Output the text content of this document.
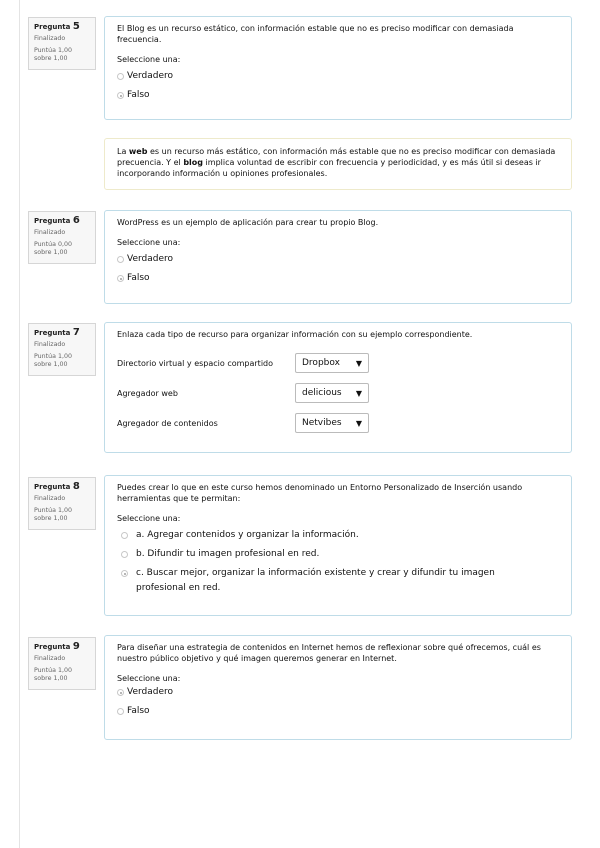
Pregunta 5
Finalizado
Puntúa 1,00 sobre 1,00
El Blog es un recurso estático, con información estable que no es preciso modificar con demasiada frecuencia.
Seleccione una:
Verdadero
Falso
La web es un recurso más estático, con información más estable que no es preciso modificar con demasiada precuencia. Y el blog implica voluntad de escribir con frecuencia y periodicidad, y es más útil si deseas ir incorporando información u opiniones profesionales.
Pregunta 6
Finalizado
Puntúa 0,00 sobre 1,00
WordPress es un ejemplo de aplicación para crear tu propio Blog.
Seleccione una:
Verdadero
Falso
Pregunta 7
Finalizado
Puntúa 1,00 sobre 1,00
Enlaza cada tipo de recurso para organizar información con su ejemplo correspondiente.
Directorio virtual y espacio compartido	Dropbox ▼
Agregador web	delicious ▼
Agregador de contenidos	Netvibes ▼
Pregunta 8
Finalizado
Puntúa 1,00 sobre 1,00
Puedes crear lo que en este curso hemos denominado un Entorno Personalizado de Inserción usando herramientas que te permitan:
Seleccione una:
a. Agregar contenidos y organizar la información.
b. Difundir tu imagen profesional en red.
c. Buscar mejor, organizar la información existente y crear y difundir tu imagen profesional en red.
Pregunta 9
Finalizado
Puntúa 1,00 sobre 1,00
Para diseñar una estrategia de contenidos en Internet hemos de reflexionar sobre qué ofrecemos, cuál es nuestro público objetivo y qué imagen queremos generar en Internet.
Seleccione una:
Verdadero
Falso
